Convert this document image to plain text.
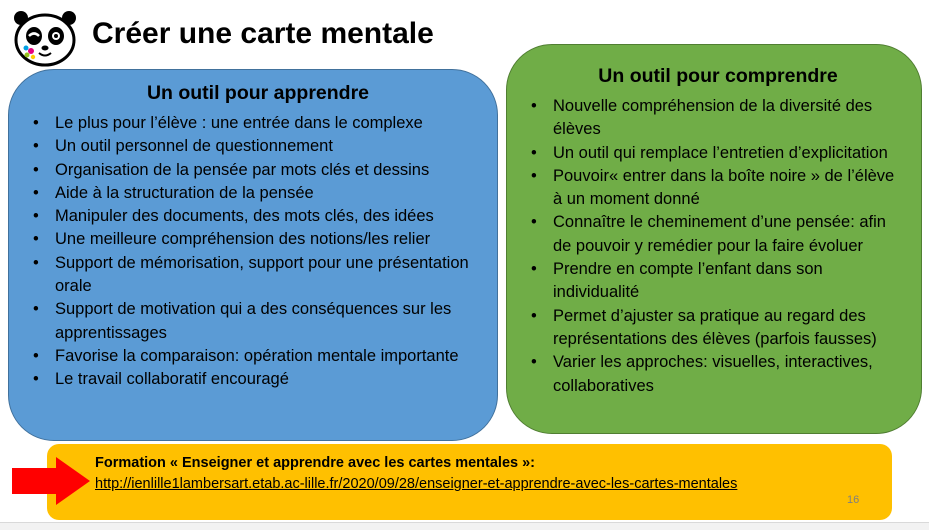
Créer une carte mentale
Un outil pour apprendre
• Le plus pour l’élève : une entrée dans le complexe
• Un outil personnel de questionnement
• Organisation de la pensée par mots clés et dessins
• Aide à la structuration de la pensée
• Manipuler des documents, des mots clés, des idées
• Une meilleure compréhension des notions/les relier
• Support de mémorisation, support pour une présentation orale
• Support de motivation qui a des conséquences sur les apprentissages
• Favorise la comparaison: opération mentale importante
• Le travail collaboratif encouragé
Un outil pour comprendre
• Nouvelle compréhension de la diversité des élèves
• Un outil qui remplace l’entretien d’explicitation
• Pouvoir« entrer dans la boîte noire » de l’élève à un moment donné
• Connaître le cheminement d’une pensée: afin de pouvoir y remédier pour la faire évoluer
• Prendre en compte l’enfant dans son individualité
• Permet d’ajuster sa pratique au regard des représentations des élèves (parfois fausses)
• Varier les approches: visuelles, interactives, collaboratives
Formation « Enseigner et apprendre avec les cartes mentales »:
http://ienlille1lambersart.etab.ac-lille.fr/2020/09/28/enseigner-et-apprendre-avec-les-cartes-mentales
16
